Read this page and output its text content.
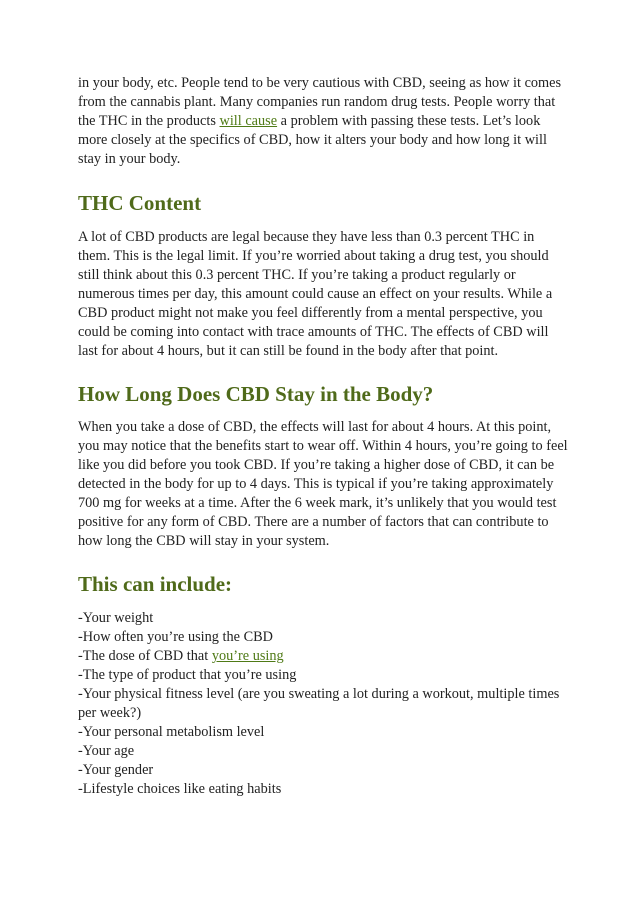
in your body, etc. People tend to be very cautious with CBD, seeing as how it comes from the cannabis plant. Many companies run random drug tests. People worry that the THC in the products will cause a problem with passing these tests. Let’s look more closely at the specifics of CBD, how it alters your body and how long it will stay in your body.

THC Content

A lot of CBD products are legal because they have less than 0.3 percent THC in them. This is the legal limit. If you’re worried about taking a drug test, you should still think about this 0.3 percent THC. If you’re taking a product regularly or numerous times per day, this amount could cause an effect on your results. While a CBD product might not make you feel differently from a mental perspective, you could be coming into contact with trace amounts of THC. The effects of CBD will last for about 4 hours, but it can still be found in the body after that point.

How Long Does CBD Stay in the Body?

When you take a dose of CBD, the effects will last for about 4 hours. At this point, you may notice that the benefits start to wear off. Within 4 hours, you’re going to feel like you did before you took CBD. If you’re taking a higher dose of CBD, it can be detected in the body for up to 4 days. This is typical if you’re taking approximately 700 mg for weeks at a time. After the 6 week mark, it’s unlikely that you would test positive for any form of CBD. There are a number of factors that can contribute to how long the CBD will stay in your system.

This can include:
-Your weight
-How often you’re using the CBD
-The dose of CBD that you’re using
-The type of product that you’re using
-Your physical fitness level (are you sweating a lot during a workout, multiple times per week?)
-Your personal metabolism level
-Your age
-Your gender
-Lifestyle choices like eating habits
